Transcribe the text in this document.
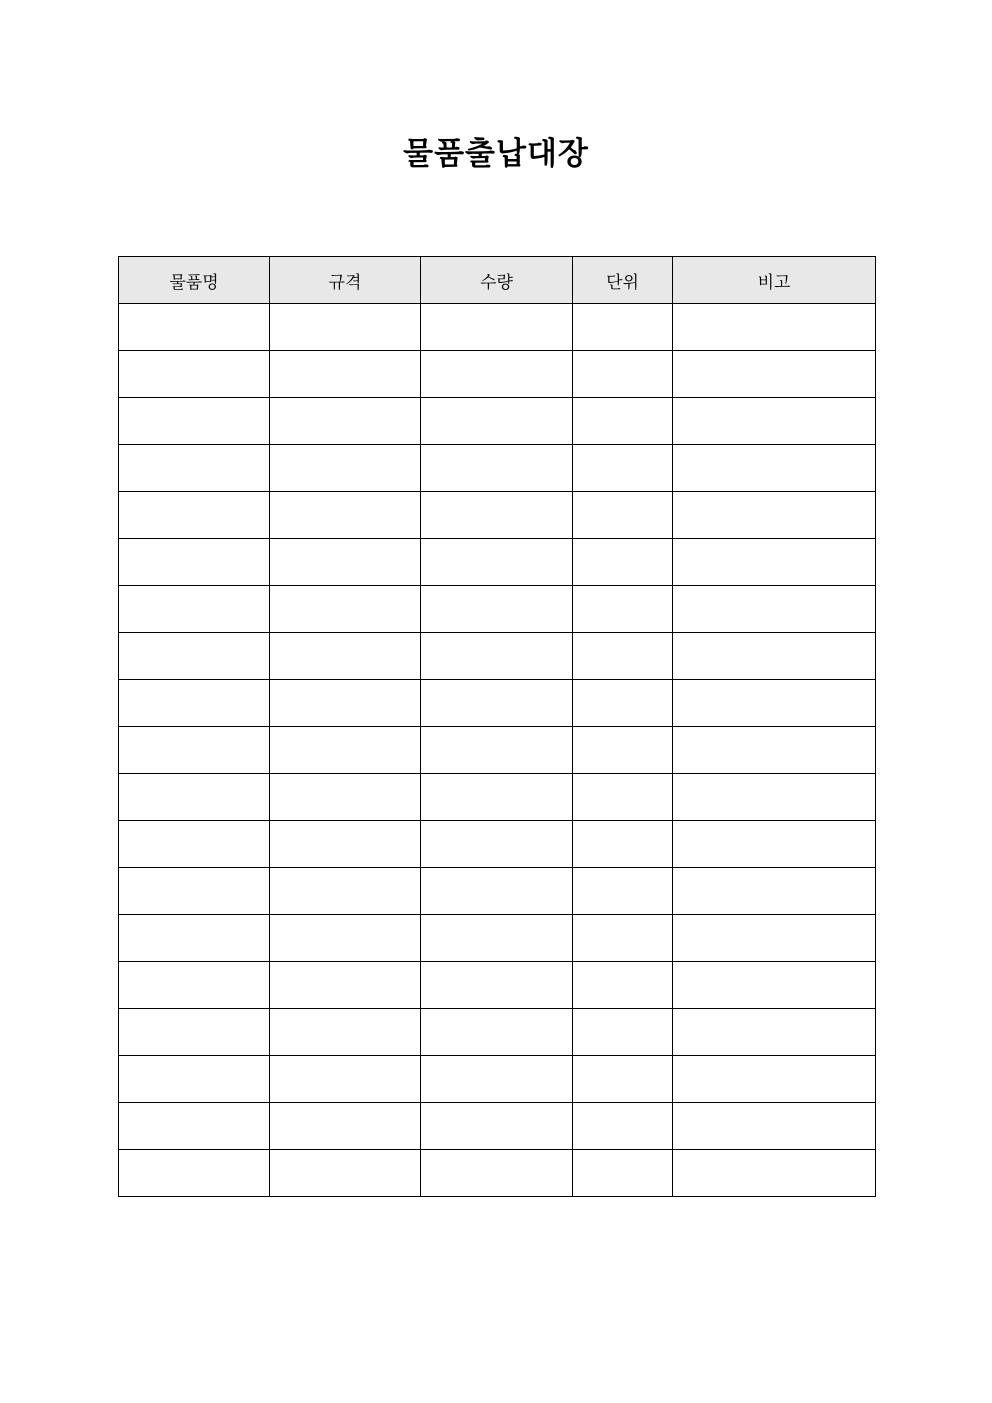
물품출납대장
물품명	규격	수량	단위	비고
